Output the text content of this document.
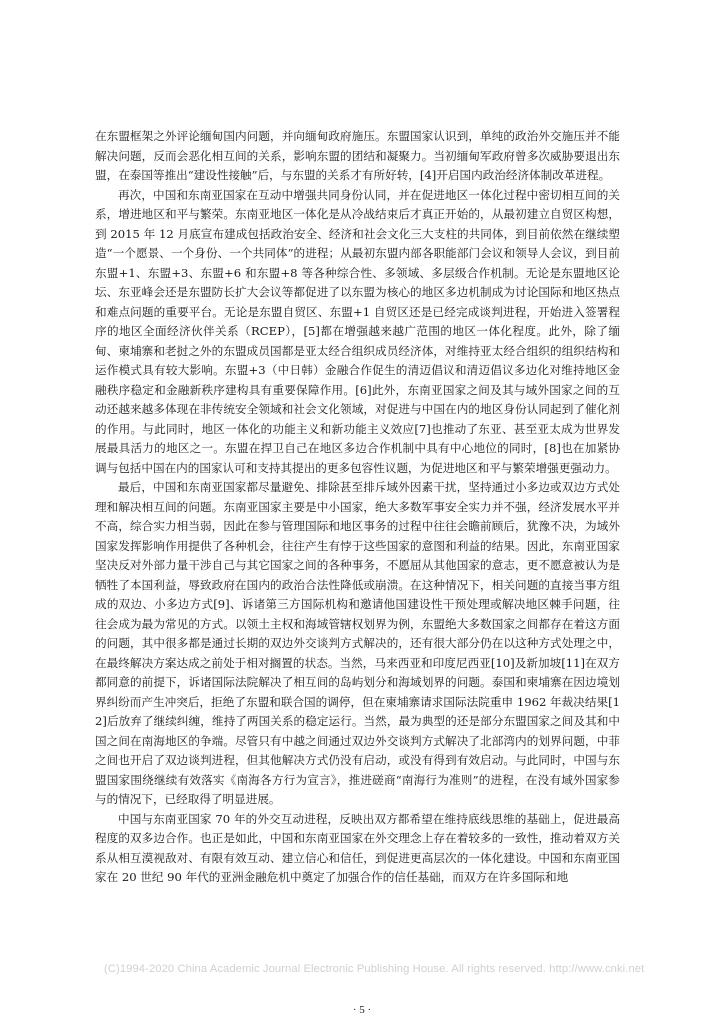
在东盟框架之外评论缅甸国内问题，并向缅甸政府施压。东盟国家认识到，单纯的政治外交施压并不能解决问题，反而会恶化相互间的关系，影响东盟的团结和凝聚力。当初缅甸军政府曾多次威胁要退出东盟，在泰国等推出“建设性接触”后，与东盟的关系才有所好转，[4]开启国内政治经济体制改革进程。

再次，中国和东南亚国家在互动中增强共同身份认同，并在促进地区一体化过程中密切相互间的关系，增进地区和平与繁荣。东南亚地区一体化是从冷战结束后才真正开始的，从最初建立自贸区构想，到 2015 年 12 月底宣布建成包括政治安全、经济和社会文化三大支柱的共同体，到目前依然在继续塑造“一个愿景、一个身份、一个共同体”的进程；从最初东盟内部各职能部门会议和领导人会议，到目前东盟+1、东盟+3、东盟+6 和东盟+8 等各种综合性、多领域、多层级合作机制。无论是东盟地区论坛、东亚峰会还是东盟防长扩大会议等都促进了以东盟为核心的地区多边机制成为讨论国际和地区热点和难点问题的重要平台。无论是东盟自贸区、东盟+1 自贸区还是已经完成谈判进程，开始进入签署程序的地区全面经济伙伴关系（RCEP），[5]都在增强越来越广范围的地区一体化程度。此外，除了缅甸、柬埔寨和老挝之外的东盟成员国都是亚太经合组织成员经济体，对维持亚太经合组织的组织结构和运作模式具有较大影响。东盟+3（中日韩）金融合作促生的清迈倡议和清迈倡议多边化对维持地区金融秩序稳定和金融新秩序建构具有重要保障作用。[6]此外，东南亚国家之间及其与域外国家之间的互动还越来越多体现在非传统安全领域和社会文化领域，对促进与中国在内的地区身份认同起到了催化剂的作用。与此同时，地区一体化的功能主义和新功能主义效应[7]也推动了东亚、甚至亚太成为世界发展最具活力的地区之一。东盟在捍卫自己在地区多边合作机制中具有中心地位的同时，[8]也在加紧协调与包括中国在内的国家认可和支持其提出的更多包容性议题，为促进地区和平与繁荣增强更强动力。

最后，中国和东南亚国家都尽量避免、排除甚至排斥域外因素干扰，坚持通过小多边或双边方式处理和解决相互间的问题。东南亚国家主要是中小国家，绝大多数军事安全实力并不强，经济发展水平并不高，综合实力相当弱，因此在参与管理国际和地区事务的过程中往往会瞻前顾后，犹豫不决，为域外国家发挥影响作用提供了各种机会，往往产生有悖于这些国家的意图和利益的结果。因此，东南亚国家坚决反对外部力量干涉自己与其它国家之间的各种事务，不愿屈从其他国家的意志，更不愿意被认为是牺牲了本国利益，辱致政府在国内的政治合法性降低或崩溃。在这种情况下，相关问题的直接当事方组成的双边、小多边方式[9]、诉诸第三方国际机构和邀请他国建设性干预处理或解决地区棘手问题，往往会成为最为常见的方式。以领土主权和海域管辖权划界为例，东盟绝大多数国家之间都存在着这方面的问题，其中很多都是通过长期的双边外交谈判方式解决的，还有很大部分仍在以这种方式处理之中，在最终解决方案达成之前处于相对搁置的状态。当然，马来西亚和印度尼西亚[10]及新加坡[11]在双方都同意的前提下，诉诸国际法院解决了相互间的岛屿划分和海域划界的问题。泰国和柬埔寨在因边境划界纠纷而产生冲突后，拒绝了东盟和联合国的调停，但在柬埔寨请求国际法院重申 1962 年裁决结果[12]后放弃了继续纠缠，维持了两国关系的稳定运行。当然，最为典型的还是部分东盟国家之间及其和中国之间在南海地区的争端。尽管只有中越之间通过双边外交谈判方式解决了北部湾内的划界问题，中菲之间也开启了双边谈判进程，但其他解决方式仍没有启动，或没有得到有效启动。与此同时，中国与东盟国家围绕继续有效落实《南海各方行为宣言》，推进磋商“南海行为准则”的进程，在没有域外国家参与的情况下，已经取得了明显进展。

中国与东南亚国家 70 年的外交互动进程，反映出双方都希望在维持底线思维的基础上，促进最高程度的双多边合作。也正是如此，中国和东南亚国家在外交理念上存在着较多的一致性，推动着双方关系从相互漠视敌对、有限有效互动、建立信心和信任，到促进更高层次的一体化建设。中国和东南亚国家在 20 世纪 90 年代的亚洲金融危机中奠定了加强合作的信任基础，而双方在许多国际和地

(C)1994-2020 China Academic Journal Electronic Publishing House. All rights reserved. http://www.cnki.net
· 5 ·
